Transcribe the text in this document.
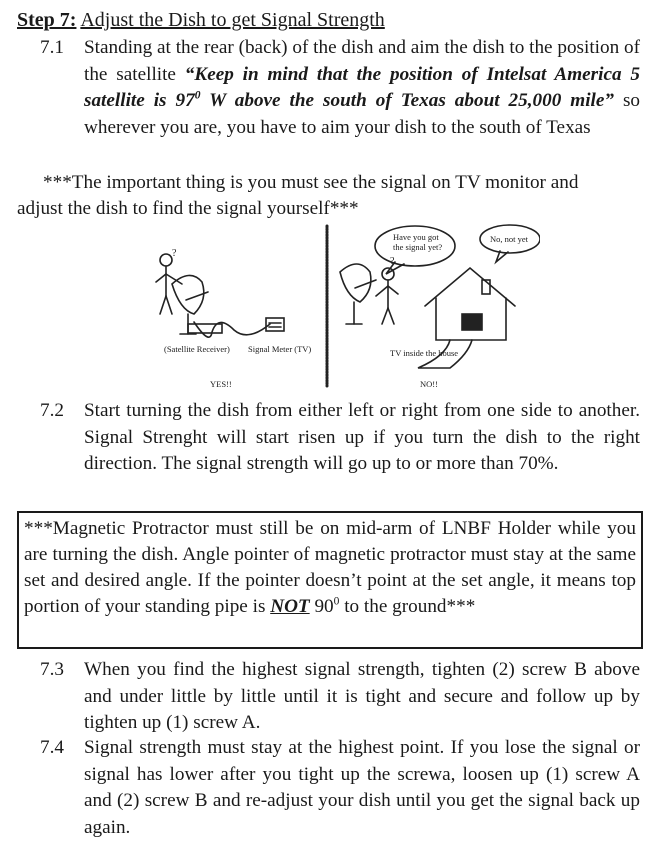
Step 7: Adjust the Dish to get Signal Strength
7.1 Standing at the rear (back) of the dish and aim the dish to the position of the satellite “Keep in mind that the position of Intelsat America 5 satellite is $97^0$ W above the south of Texas about 25,000 mile” so wherever you are, you have to aim your dish to the south of Texas
***The important thing is you must see the signal on TV monitor and
adjust the dish to find the signal yourself***
?
?
(Satellite Receiver) Signal Meter (TV)
YES!!
Have you got
the signal yet?
No, not yet
TV inside the house
NO!!
7.2 Start turning the dish from either left or right from one side to another. Signal Strenght will start risen up if you turn the dish to the right direction. The signal strength will go up to or more than 70%.
***Magnetic Protractor must still be on mid-arm of LNBF Holder while you are turning the dish. Angle pointer of magnetic protractor must stay at the same set and desired angle. If the pointer doesn’t point at the set angle, it means top portion of your standing pipe is NOT $90^0$ to the ground***
7.3 When you find the highest signal strength, tighten (2) screw B above and under little by little until it is tight and secure and follow up by tighten up (1) screw A.
7.4 Signal strength must stay at the highest point. If you lose the signal or signal has lower after you tight up the screwa, loosen up (1) screw A and (2) screw B and re-adjust your dish until you get the signal back up again.
